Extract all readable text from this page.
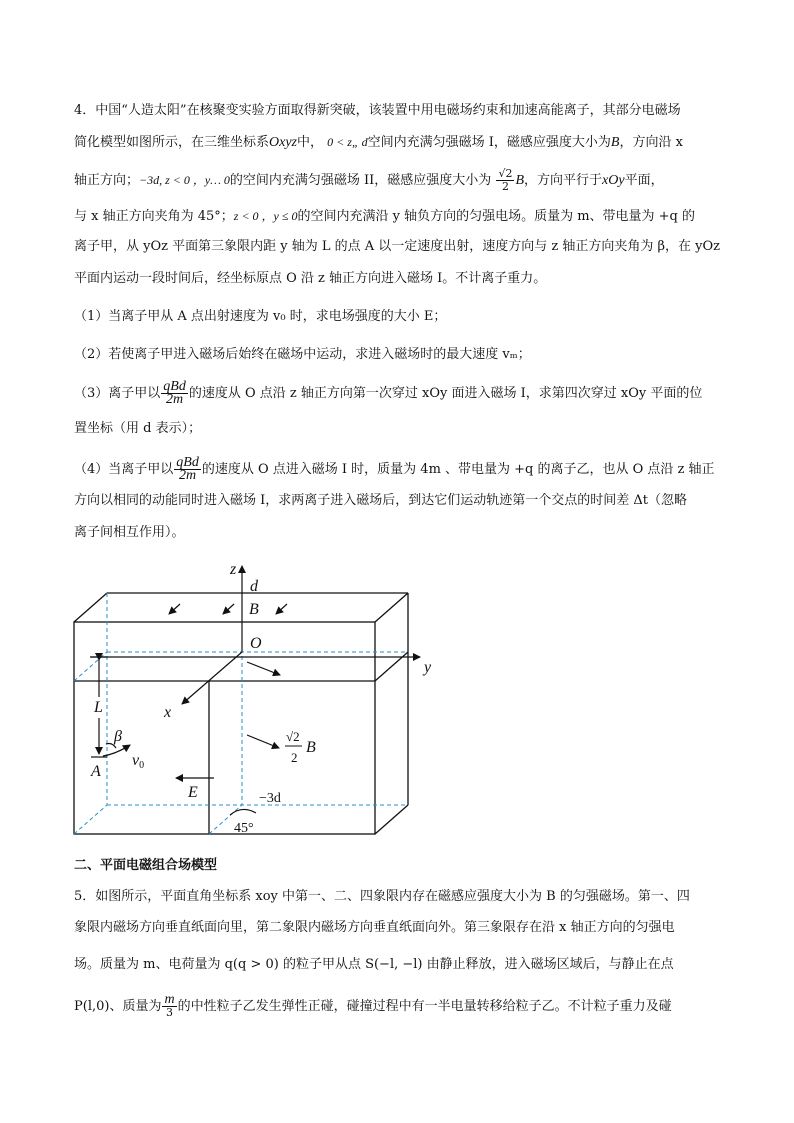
4．中国“人造太阳”在核聚变实验方面取得新突破，该装置中用电磁场约束和加速高能离子，其部分电磁场
简化模型如图所示，在三维坐标系Oxyz中， 0 < z„ d空间内充满匀强磁场 I，磁感应强度大小为B，方向沿 x
轴正方向；−3d, z < 0 ，y… 0的空间内充满匀强磁场 II，磁感应强度大小为 $\frac{√2}{2}$ B，方向平行于xOy平面，
与 x 轴正方向夹角为 45°；z < 0 ，y ≤ 0的空间内充满沿 y 轴负方向的匀强电场。质量为 m、带电量为 +q 的
离子甲，从 yOz 平面第三象限内距 y 轴为 L 的点 A 以一定速度出射，速度方向与 z 轴正方向夹角为 β，在 yOz
平面内运动一段时间后，经坐标原点 O 沿 z 轴正方向进入磁场 I。不计离子重力。
（1）当离子甲从 A 点出射速度为 v₀ 时，求电场强度的大小 E；
（2）若使离子甲进入磁场后始终在磁场中运动，求进入磁场时的最大速度 vₘ；
（3）离子甲以 $\frac{\text{qBd}}{2m}$ 的速度从 O 点沿 z 轴正方向第一次穿过 xOy 面进入磁场 I，求第四次穿过 xOy 平面的位
置坐标（用 d 表示）；
（4）当离子甲以 $\frac{\text{qBd}}{2m}$ 的速度从 O 点进入磁场 I 时，质量为 4m 、带电量为 +q 的离子乙，也从 O 点沿 z 轴正
方向以相同的动能同时进入磁场 I，求两离子进入磁场后，到达它们运动轨迹第一个交点的时间差 Δt（忽略
离子间相互作用）。
z
d
B
O
y
x
L
β
v0
A
E
√2
2
B
−3d
45°
二、平面电磁组合场模型
5．如图所示，平面直角坐标系 xoy 中第一、二、四象限内存在磁感应强度大小为 B 的匀强磁场。第一、四
象限内磁场方向垂直纸面向里，第二象限内磁场方向垂直纸面向外。第三象限存在沿 x 轴正方向的匀强电
场。质量为 m、电荷量为 q(q > 0) 的粒子甲从点 S(−l, −l) 由静止释放，进入磁场区域后，与静止在点
P(l,0)、质量为 $\frac{m}{3}$ 的中性粒子乙发生弹性正碰，碰撞过程中有一半电量转移给粒子乙。不计粒子重力及碰
